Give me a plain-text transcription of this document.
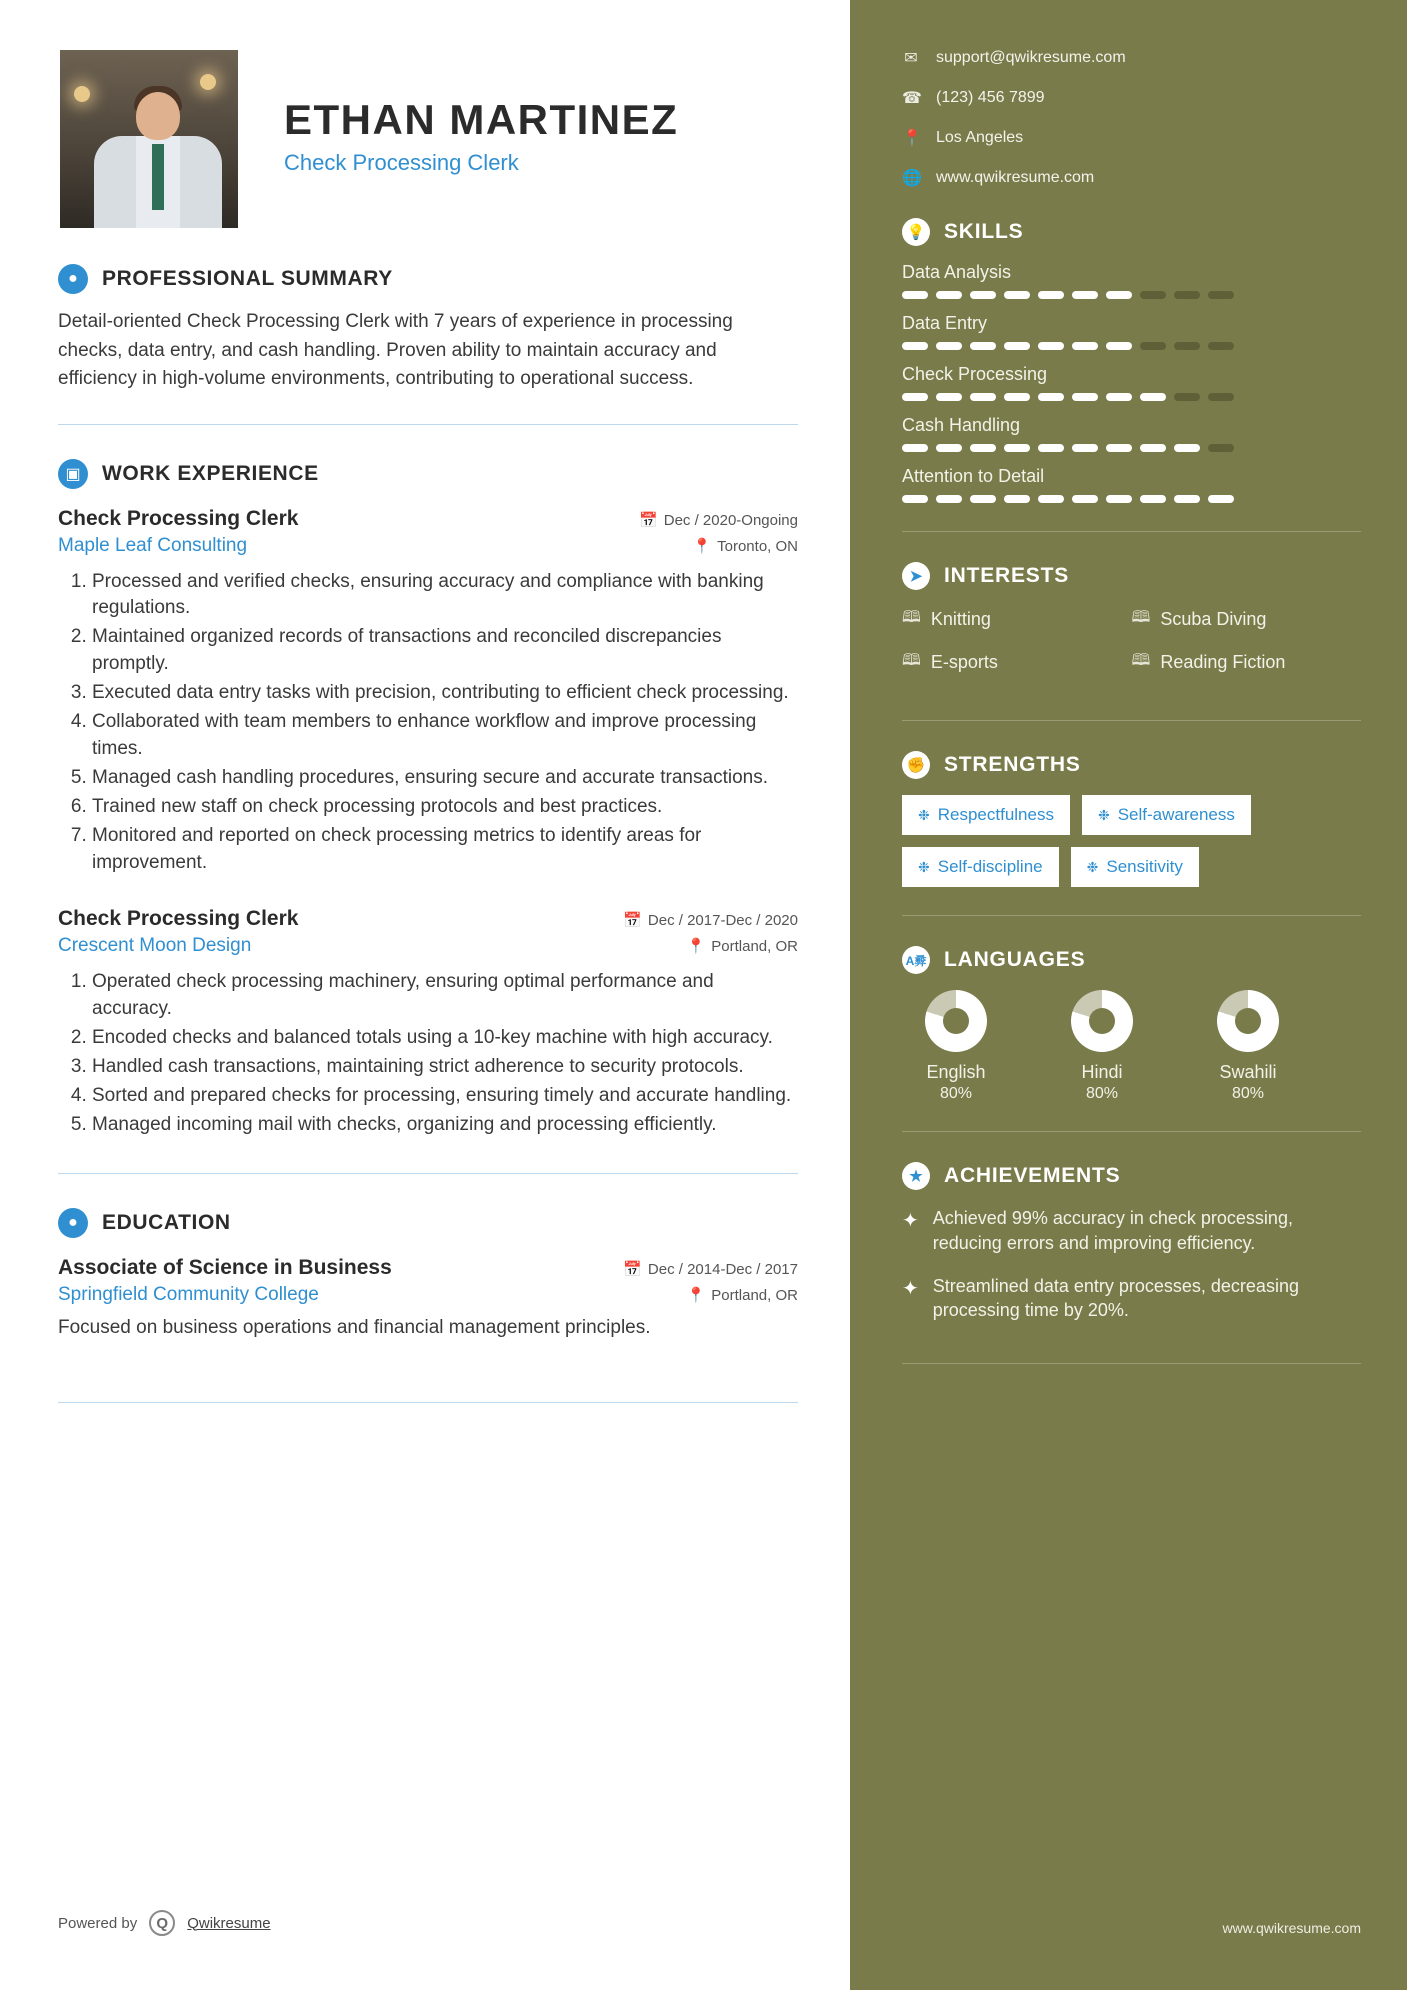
ETHAN MARTINEZ
Check Processing Clerk
●	PROFESSIONAL SUMMARY
Detail-oriented Check Processing Clerk with 7 years of experience in processing checks, data entry, and cash handling. Proven ability to maintain accuracy and efficiency in high-volume environments, contributing to operational success.
▣	WORK EXPERIENCE
Check Processing Clerk	📅 Dec / 2020-Ongoing
Maple Leaf Consulting	📍 Toronto, ON
1. Processed and verified checks, ensuring accuracy and compliance with banking regulations.
2. Maintained organized records of transactions and reconciled discrepancies promptly.
3. Executed data entry tasks with precision, contributing to efficient check processing.
4. Collaborated with team members to enhance workflow and improve processing times.
5. Managed cash handling procedures, ensuring secure and accurate transactions.
6. Trained new staff on check processing protocols and best practices.
7. Monitored and reported on check processing metrics to identify areas for improvement.
Check Processing Clerk	📅 Dec / 2017-Dec / 2020
Crescent Moon Design	📍 Portland, OR
1. Operated check processing machinery, ensuring optimal performance and accuracy.
2. Encoded checks and balanced totals using a 10-key machine with high accuracy.
3. Handled cash transactions, maintaining strict adherence to security protocols.
4. Sorted and prepared checks for processing, ensuring timely and accurate handling.
5. Managed incoming mail with checks, organizing and processing efficiently.
●	EDUCATION
Associate of Science in Business	📅 Dec / 2014-Dec / 2017
Springfield Community College	📍 Portland, OR
Focused on business operations and financial management principles.
Powered by	Q	Qwikresume
✉ support@qwikresume.com
☎ (123) 456 7899
📍 Los Angeles
🌐 www.qwikresume.com
💡 SKILLS
Data Analysis
Data Entry
Check Processing
Cash Handling
Attention to Detail
➤	INTERESTS
🕮 Knitting	🕮 Scuba Diving
🕮 E-sports	🕮 Reading Fiction
✊ STRENGTHS
❉ Respectfulness	❉ Self-awareness
❉ Self-discipline	❉ Sensitivity
A彛 LANGUAGES
English
80%
Hindi
80%
Swahili
80%
★	ACHIEVEMENTS
✦ Achieved 99% accuracy in check processing, reducing errors and improving efficiency.
✦ Streamlined data entry processes, decreasing processing time by 20%.
www.qwikresume.com
